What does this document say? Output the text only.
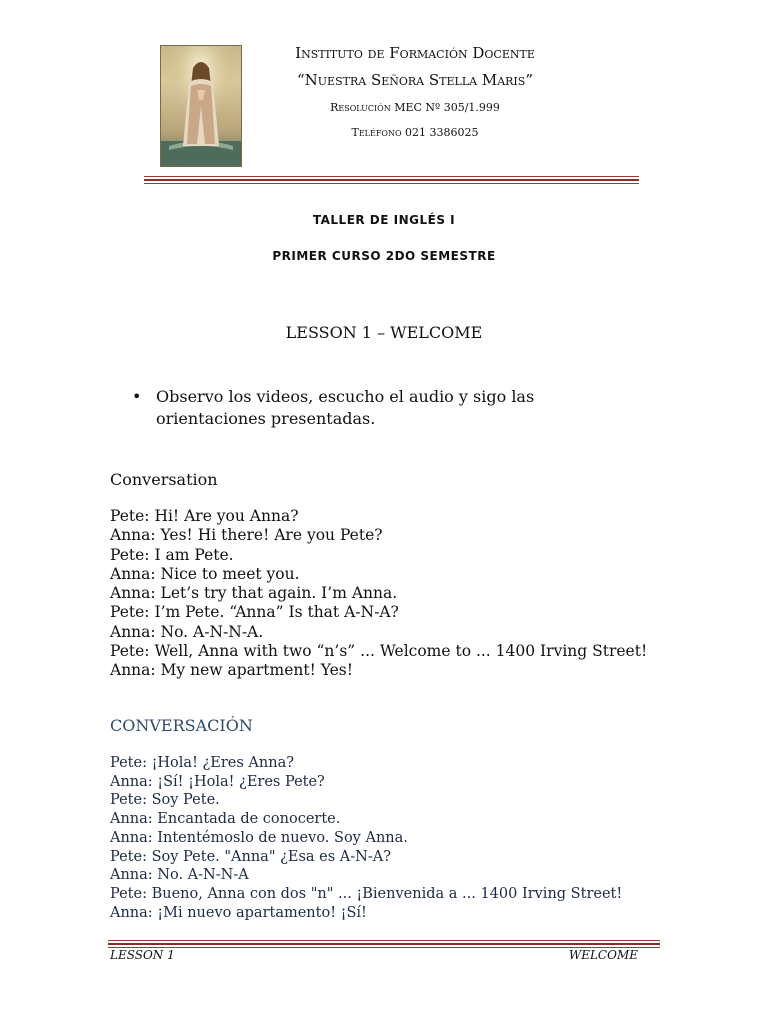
Instituto de Formación Docente
“Nuestra Señora Stella Maris”
Resolución MEC Nº 305/1.999
Teléfono 021 3386025
TALLER DE INGLÉS I
PRIMER CURSO 2DO SEMESTRE
LESSON 1 – WELCOME
• Observo los videos, escucho el audio y sigo las orientaciones presentadas.
Conversation
Pete: Hi! Are you Anna?
Anna: Yes! Hi there! Are you Pete?
Pete: I am Pete.
Anna: Nice to meet you.
Anna: Let’s try that again. I’m Anna.
Pete: I’m Pete. “Anna” Is that A-N-A?
Anna: No. A-N-N-A.
Pete: Well, Anna with two “n’s” ... Welcome to ... 1400 Irving Street!
Anna: My new apartment! Yes!
CONVERSACIÓN
Pete: ¡Hola! ¿Eres Anna?
Anna: ¡Sí! ¡Hola! ¿Eres Pete?
Pete: Soy Pete.
Anna: Encantada de conocerte.
Anna: Intentémoslo de nuevo. Soy Anna.
Pete: Soy Pete. "Anna" ¿Esa es A-N-A?
Anna: No. A-N-N-A
Pete: Bueno, Anna con dos "n" ... ¡Bienvenida a ... 1400 Irving Street!
Anna: ¡Mi nuevo apartamento! ¡Sí!
LESSON 1	WELCOME
